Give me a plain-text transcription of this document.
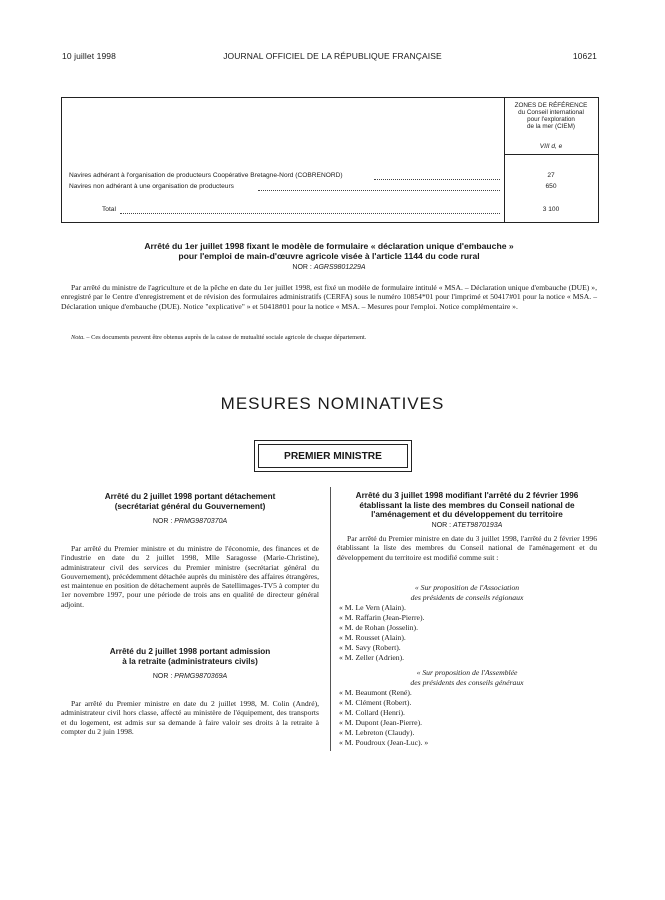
10 juillet 1998	JOURNAL OFFICIEL DE LA RÉPUBLIQUE FRANÇAISE	10621
ZONES DE RÉFÉRENCE
du Conseil international
pour l'exploration
de la mer (CIEM)
VIII d, e
Navires adhérant à l'organisation de producteurs Coopérative Bretagne-Nord (COBRENORD)	27
Navires non adhérant à une organisation de producteurs	650
Total	3 100
Arrêté du 1er juillet 1998 fixant le modèle de formulaire « déclaration unique d'embauche »
pour l'emploi de main-d'œuvre agricole visée à l'article 1144 du code rural
NOR : AGRS9801229A
Par arrêté du ministre de l'agriculture et de la pêche en date du 1er juillet 1998, est fixé un modèle de formulaire intitulé « MSA. – Déclaration unique d'embauche (DUE) », enregistré par le Centre d'enregistrement et de révision des formulaires administratifs (CERFA) sous le numéro 10854*01 pour l'imprimé et 50417#01 pour la notice « MSA. – Déclaration unique d'embauche (DUE). Notice "explicative" » et 50418#01 pour la notice « MSA. – Mesures pour l'emploi. Notice complémentaire ».
Nota. – Ces documents peuvent être obtenus auprès de la caisse de mutualité sociale agricole de chaque département.
MESURES NOMINATIVES
PREMIER MINISTRE
Arrêté du 2 juillet 1998 portant détachement
(secrétariat général du Gouvernement)
NOR : PRMG9870370A
Par arrêté du Premier ministre et du ministre de l'économie, des finances et de l'industrie en date du 2 juillet 1998, Mlle Saragosse (Marie-Christine), administrateur civil des services du Premier ministre (secrétariat général du Gouvernement), précédemment détachée auprès du ministère des affaires étrangères, est maintenue en position de détachement auprès de Satellimages-TV5 à compter du 1er novembre 1997, pour une période de trois ans en qualité de directeur général adjoint.
Arrêté du 2 juillet 1998 portant admission
à la retraite (administrateurs civils)
NOR : PRMG9870369A
Par arrêté du Premier ministre en date du 2 juillet 1998, M. Colin (André), administrateur civil hors classe, affecté au ministère de l'équipement, des transports et du logement, est admis sur sa demande à faire valoir ses droits à la retraite à compter du 2 juin 1998.
Arrêté du 3 juillet 1998 modifiant l'arrêté du 2 février 1996
établissant la liste des membres du Conseil national de
l'aménagement et du développement du territoire
NOR : ATET9870193A
Par arrêté du Premier ministre en date du 3 juillet 1998, l'arrêté du 2 février 1996 établissant la liste des membres du Conseil national de l'aménagement et du développement du territoire est modifié comme suit :
« Sur proposition de l'Association
des présidents de conseils régionaux
« M. Le Vern (Alain).
« M. Raffarin (Jean-Pierre).
« M. de Rohan (Josselin).
« M. Rousset (Alain).
« M. Savy (Robert).
« M. Zeller (Adrien).
« Sur proposition de l'Assemblée
des présidents des conseils généraux
« M. Beaumont (René).
« M. Clément (Robert).
« M. Collard (Henri).
« M. Dupont (Jean-Pierre).
« M. Lebreton (Claudy).
« M. Poudroux (Jean-Luc). »
